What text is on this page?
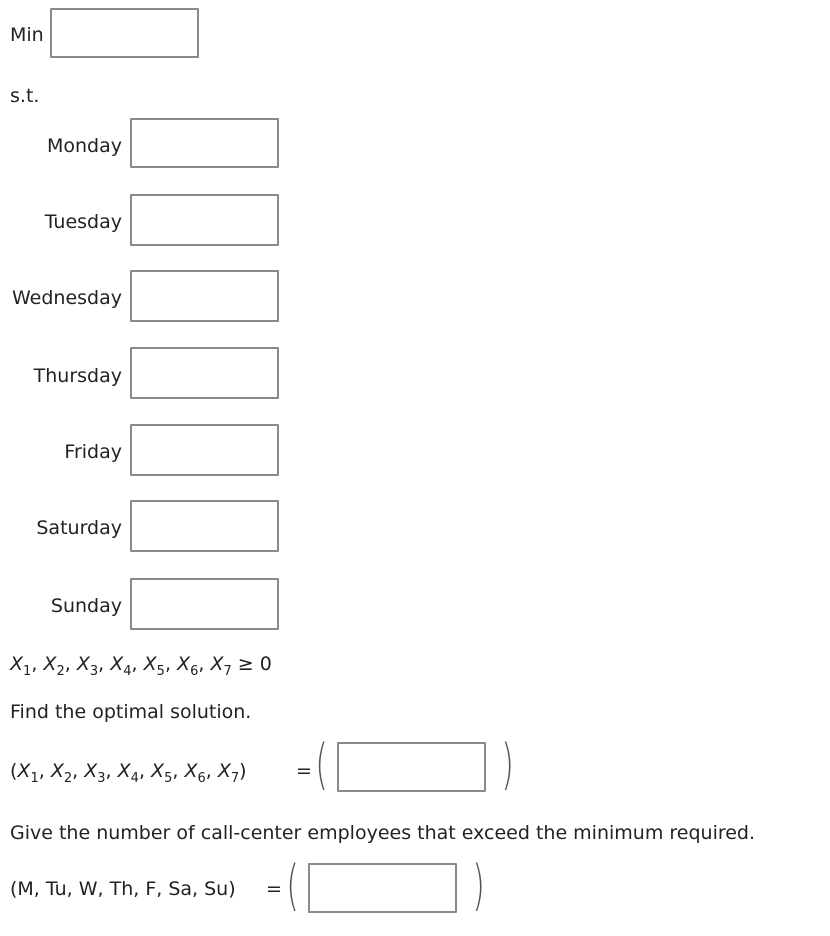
Min
s.t.
Monday
Tuesday
Wednesday
Thursday
Friday
Saturday
Sunday
$X_1$, $X_2$, $X_3$, $X_4$, $X_5$, $X_6$, $X_7 \ge 0$
Find the optimal solution.
($X_1$, $X_2$, $X_3$, $X_4$, $X_5$, $X_6$, $X_7$)	= (	)
Give the number of call-center employees that exceed the minimum required.
(M, Tu, W, Th, F, Sa, Su) = (	)
